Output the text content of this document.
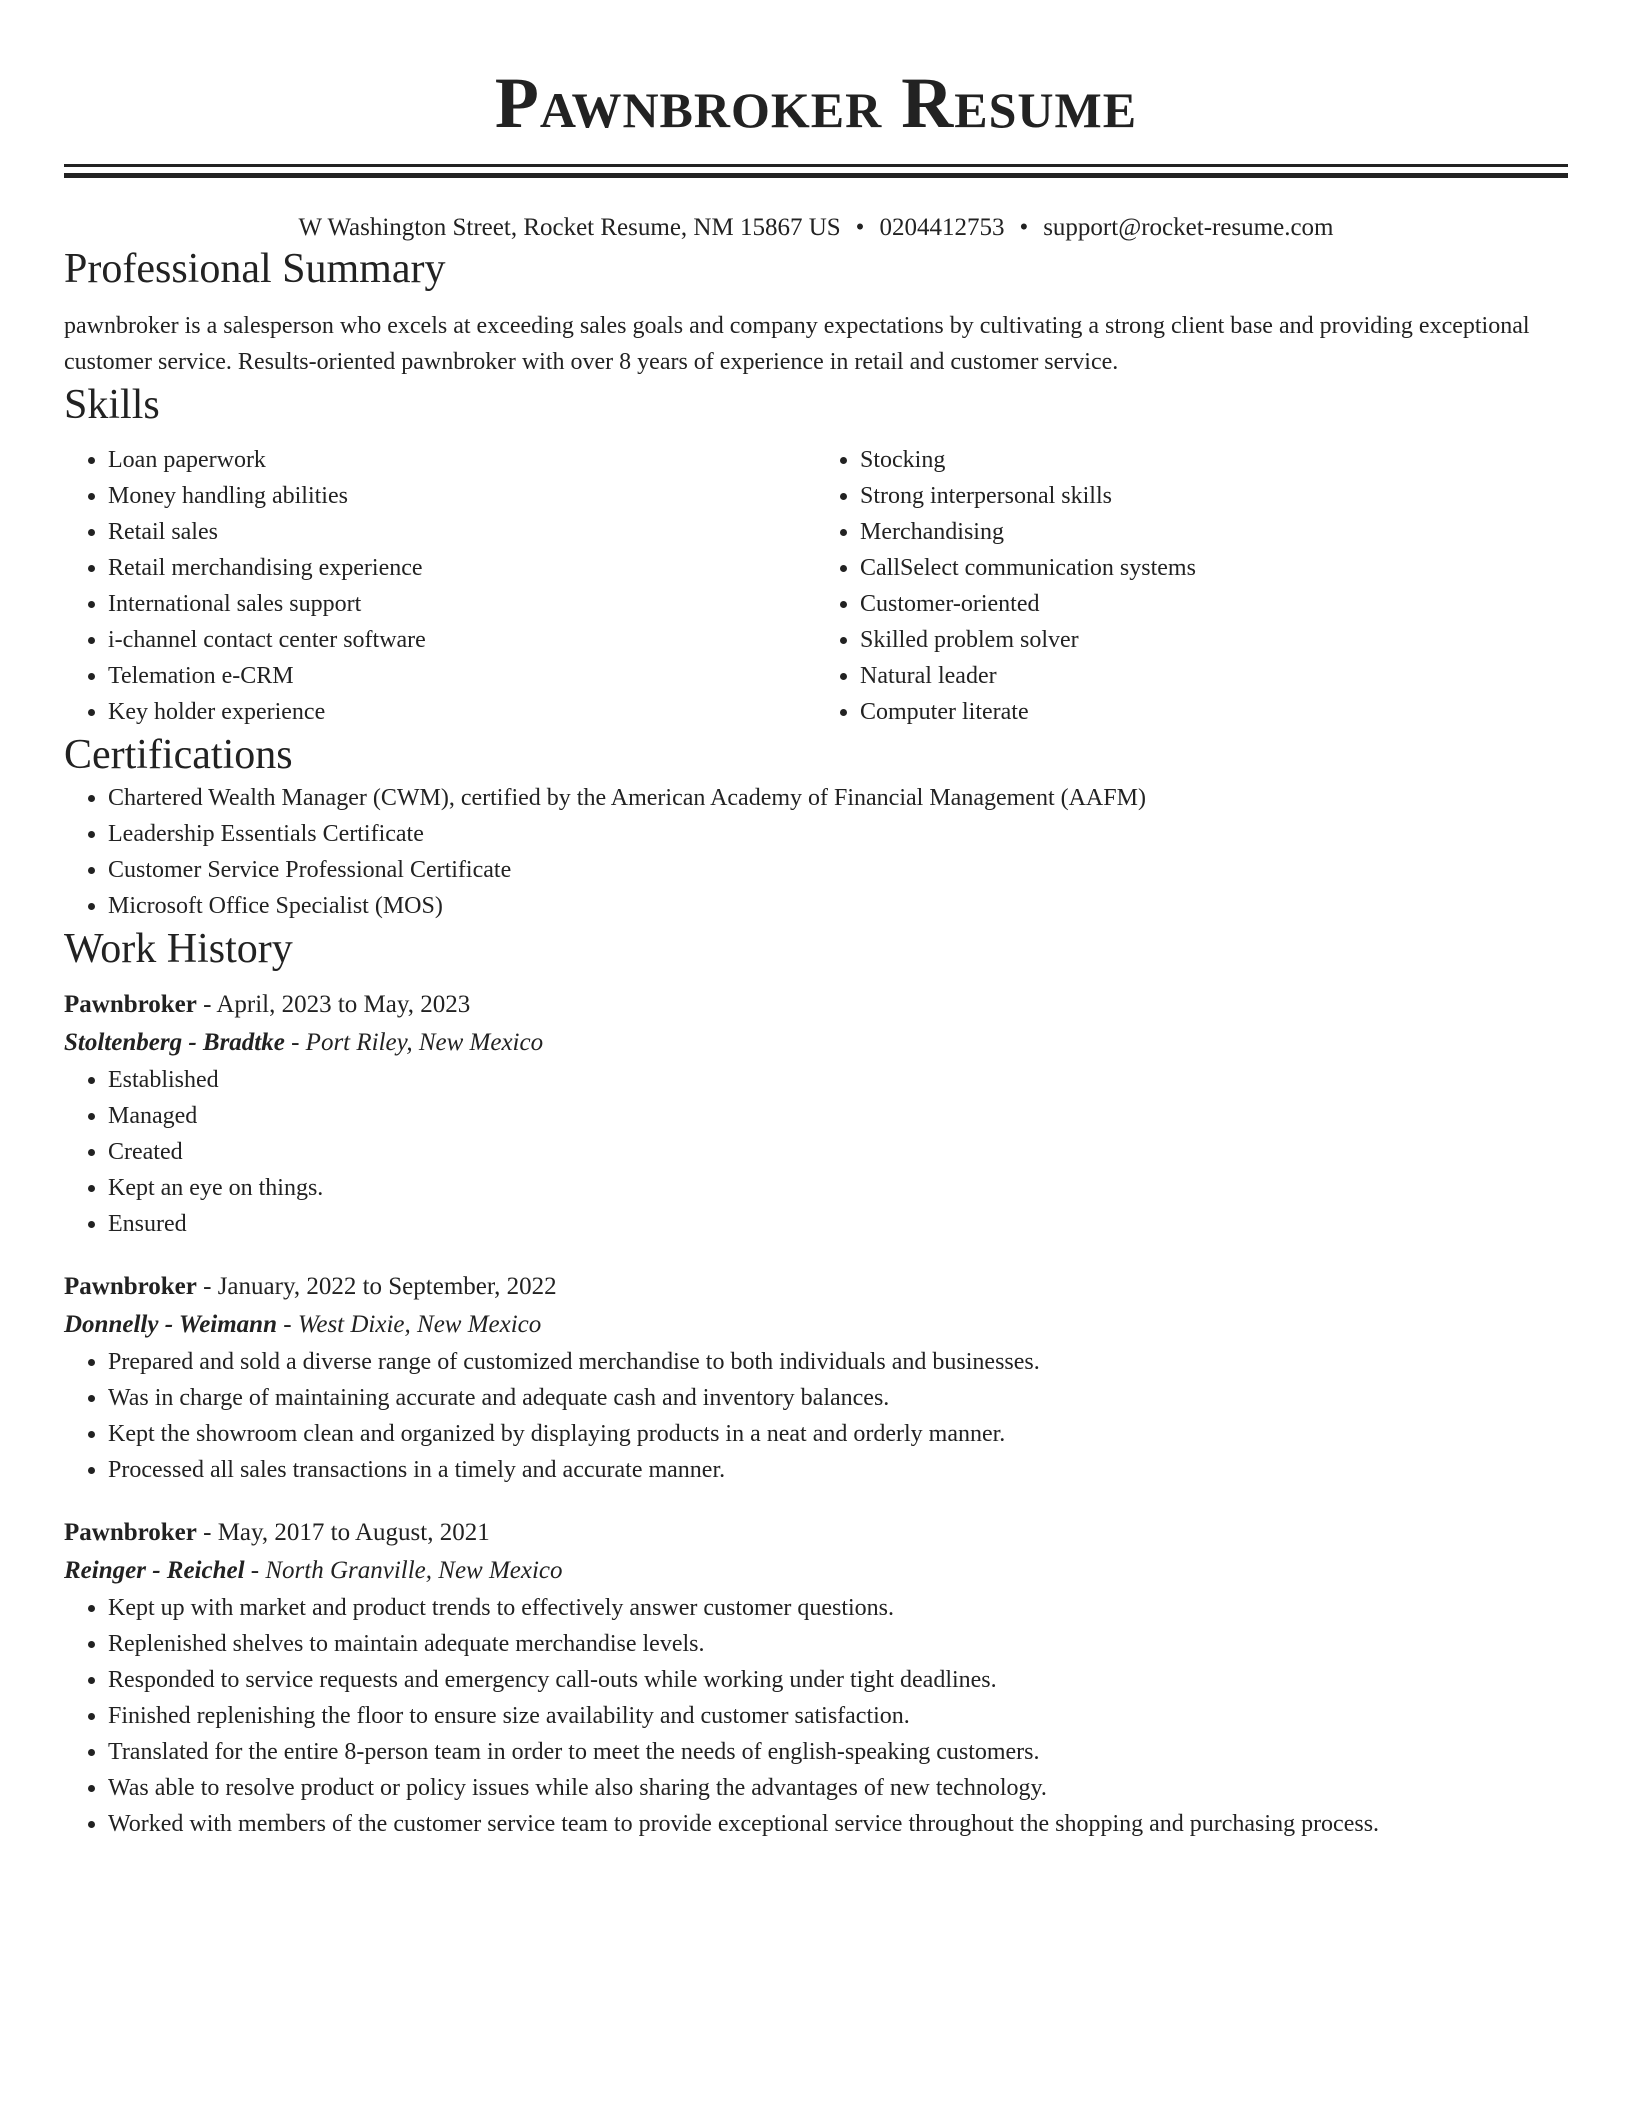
Pawnbroker Resume
W Washington Street, Rocket Resume, NM 15867 US • 0204412753 • support@rocket-resume.com
Professional Summary

pawnbroker is a salesperson who excels at exceeding sales goals and company expectations by cultivating a strong client base and providing exceptional customer service. Results-oriented pawnbroker with over 8 years of experience in retail and customer service.

Skills
• Loan paperwork
• Money handling abilities
• Retail sales
• Retail merchandising experience
• International sales support
• i-channel contact center software
• Telemation e-CRM
• Key holder experience
• Stocking
• Strong interpersonal skills
• Merchandising
• CallSelect communication systems
• Customer-oriented
• Skilled problem solver
• Natural leader
• Computer literate
Certifications
• Chartered Wealth Manager (CWM), certified by the American Academy of Financial Management (AAFM)
• Leadership Essentials Certificate
• Customer Service Professional Certificate
• Microsoft Office Specialist (MOS)
Work History
Pawnbroker - April, 2023 to May, 2023
Stoltenberg - Bradtke - Port Riley, New Mexico
• Established
• Managed
• Created
• Kept an eye on things.
• Ensured
Pawnbroker - January, 2022 to September, 2022
Donnelly - Weimann - West Dixie, New Mexico
• Prepared and sold a diverse range of customized merchandise to both individuals and businesses.
• Was in charge of maintaining accurate and adequate cash and inventory balances.
• Kept the showroom clean and organized by displaying products in a neat and orderly manner.
• Processed all sales transactions in a timely and accurate manner.
Pawnbroker - May, 2017 to August, 2021
Reinger - Reichel - North Granville, New Mexico
• Kept up with market and product trends to effectively answer customer questions.
• Replenished shelves to maintain adequate merchandise levels.
• Responded to service requests and emergency call-outs while working under tight deadlines.
• Finished replenishing the floor to ensure size availability and customer satisfaction.
• Translated for the entire 8-person team in order to meet the needs of english-speaking customers.
• Was able to resolve product or policy issues while also sharing the advantages of new technology.
• Worked with members of the customer service team to provide exceptional service throughout the shopping and purchasing process.
